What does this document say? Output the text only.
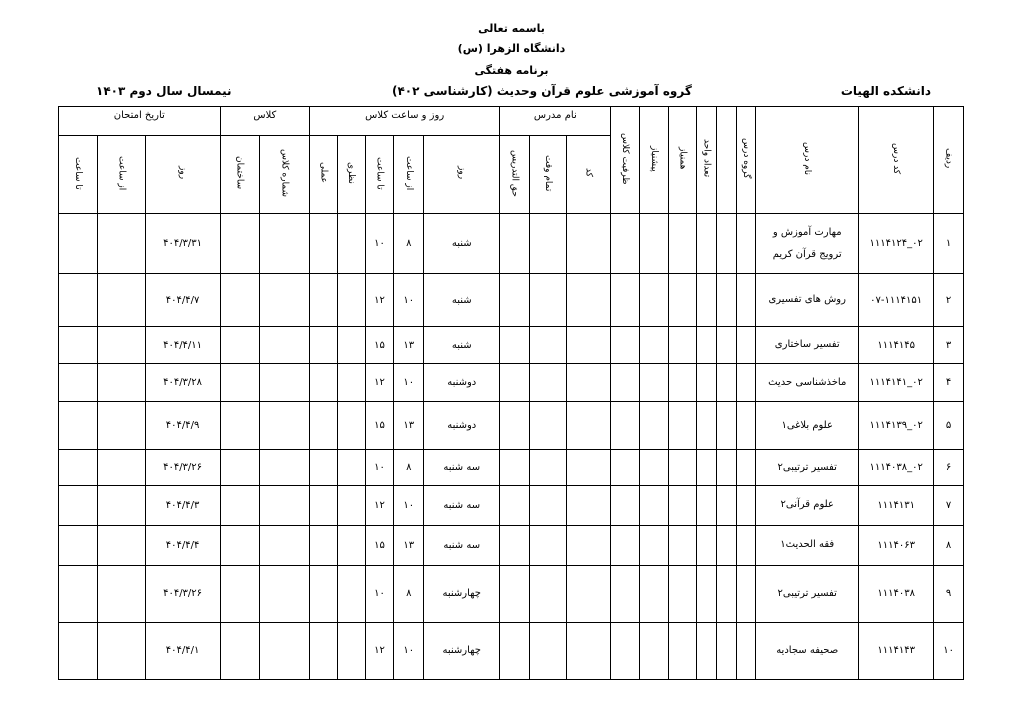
باسمه تعالی
دانشگاه الزهرا (س)
برنامه هفتگی
دانشکده الهیات
گروه آموزشی علوم قرآن وحدیث (کارشناسی ۴۰۲)
نیمسال سال دوم ۱۴۰۳
ردیف	کد درس	نام درس	گروه درس		تعداد واحد	همنیاز	پیشنیاز	ظرفیت کلاس	نام مدرس			روز و ساعت کلاس					کلاس		تاریخ امتحان		
									کد	تمام وقت	حق التدریس	روز	از ساعت	تا ساعت	نظری	عملی	شماره کلاس	ساختمان	روز	از ساعت	تا ساعت
۱	۰۲_۱۱۱۴۱۲۴	مهارت آموزش و ترویج قرآن کریم										شنبه	۸	۱۰					۴۰۴/۳/۳۱		
۲	۰۷-۱۱۱۴۱۵۱	روش های تفسیری										شنبه	۱۰	۱۲					۴۰۴/۴/۷		
۳	۱۱۱۴۱۴۵	تفسیر ساختاری										شنبه	۱۳	۱۵					۴۰۴/۴/۱۱		
۴	۰۲_۱۱۱۴۱۴۱	ماخذشناسی حدیث										دوشنبه	۱۰	۱۲					۴۰۴/۳/۲۸		
۵	۰۲_۱۱۱۴۱۳۹	علوم بلاغی۱										دوشنبه	۱۳	۱۵					۴۰۴/۴/۹		
۶	۰۲_۱۱۱۴۰۳۸	تفسیر ترتیبی۲										سه شنبه	۸	۱۰					۴۰۴/۳/۲۶		
۷	۱۱۱۴۱۳۱	علوم قرآنی۲										سه شنبه	۱۰	۱۲					۴۰۴/۴/۳		
۸	۱۱۱۴۰۶۳	فقه الحدیث۱										سه شنبه	۱۳	۱۵					۴۰۴/۴/۴		
۹	۱۱۱۴۰۳۸	تفسیر ترتیبی۲										چهارشنبه	۸	۱۰					۴۰۴/۳/۲۶		
۱۰	۱۱۱۴۱۴۳	صحیفه سجادیه										چهارشنبه	۱۰	۱۲					۴۰۴/۴/۱		
